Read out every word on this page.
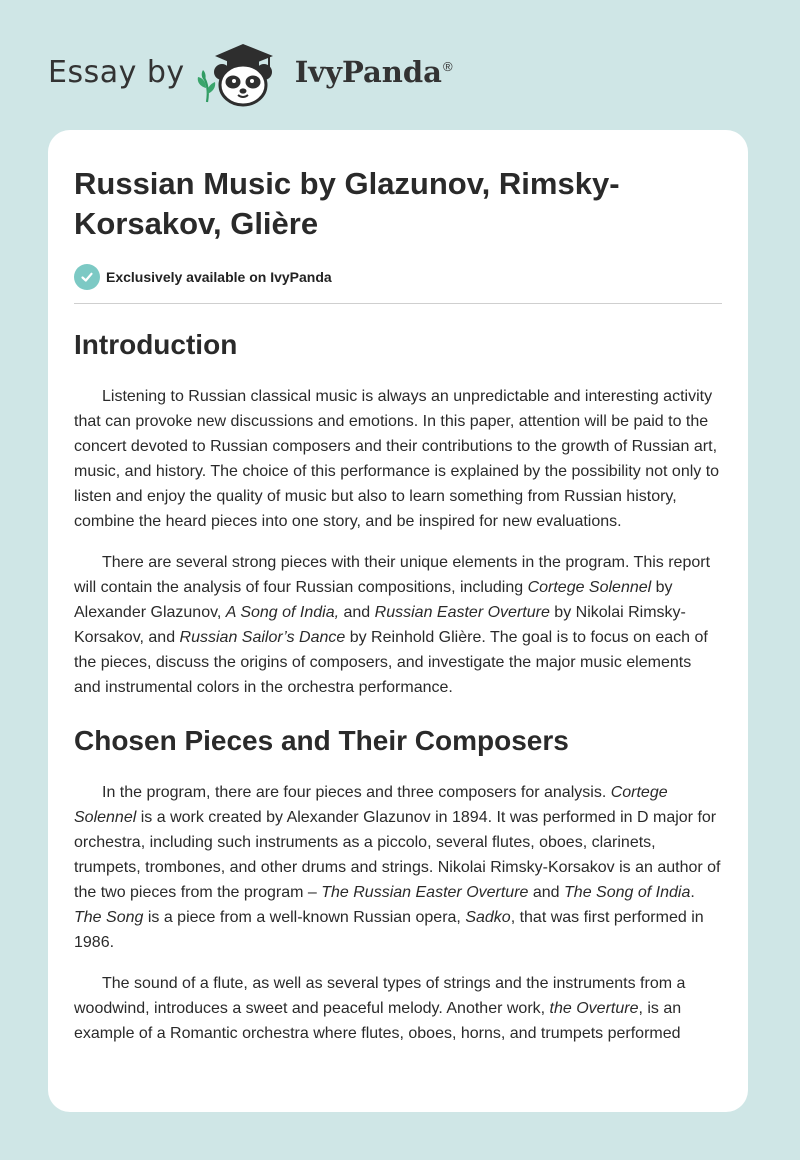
Essay by	IvyPanda ®
Russian Music by Glazunov, Rimsky-Korsakov, Glière
Exclusively available on IvyPanda
Introduction

Listening to Russian classical music is always an unpredictable and interesting activity that can provoke new discussions and emotions. In this paper, attention will be paid to the concert devoted to Russian composers and their contributions to the growth of Russian art, music, and history. The choice of this performance is explained by the possibility not only to listen and enjoy the quality of music but also to learn something from Russian history, combine the heard pieces into one story, and be inspired for new evaluations.

There are several strong pieces with their unique elements in the program. This report will contain the analysis of four Russian compositions, including Cortege Solennel by Alexander Glazunov, A Song of India, and Russian Easter Overture by Nikolai Rimsky-Korsakov, and Russian Sailor’s Dance by Reinhold Glière. The goal is to focus on each of the pieces, discuss the origins of composers, and investigate the major music elements and instrumental colors in the orchestra performance.

Chosen Pieces and Their Composers

In the program, there are four pieces and three composers for analysis. Cortege Solennel is a work created by Alexander Glazunov in 1894. It was performed in D major for orchestra, including such instruments as a piccolo, several flutes, oboes, clarinets, trumpets, trombones, and other drums and strings. Nikolai Rimsky-Korsakov is an author of the two pieces from the program – The Russian Easter Overture and The Song of India. The Song is a piece from a well-known Russian opera, Sadko, that was first performed in 1986.

The sound of a flute, as well as several types of strings and the instruments from a woodwind, introduces a sweet and peaceful melody. Another work, the Overture, is an example of a Romantic orchestra where flutes, oboes, horns, and trumpets performed
